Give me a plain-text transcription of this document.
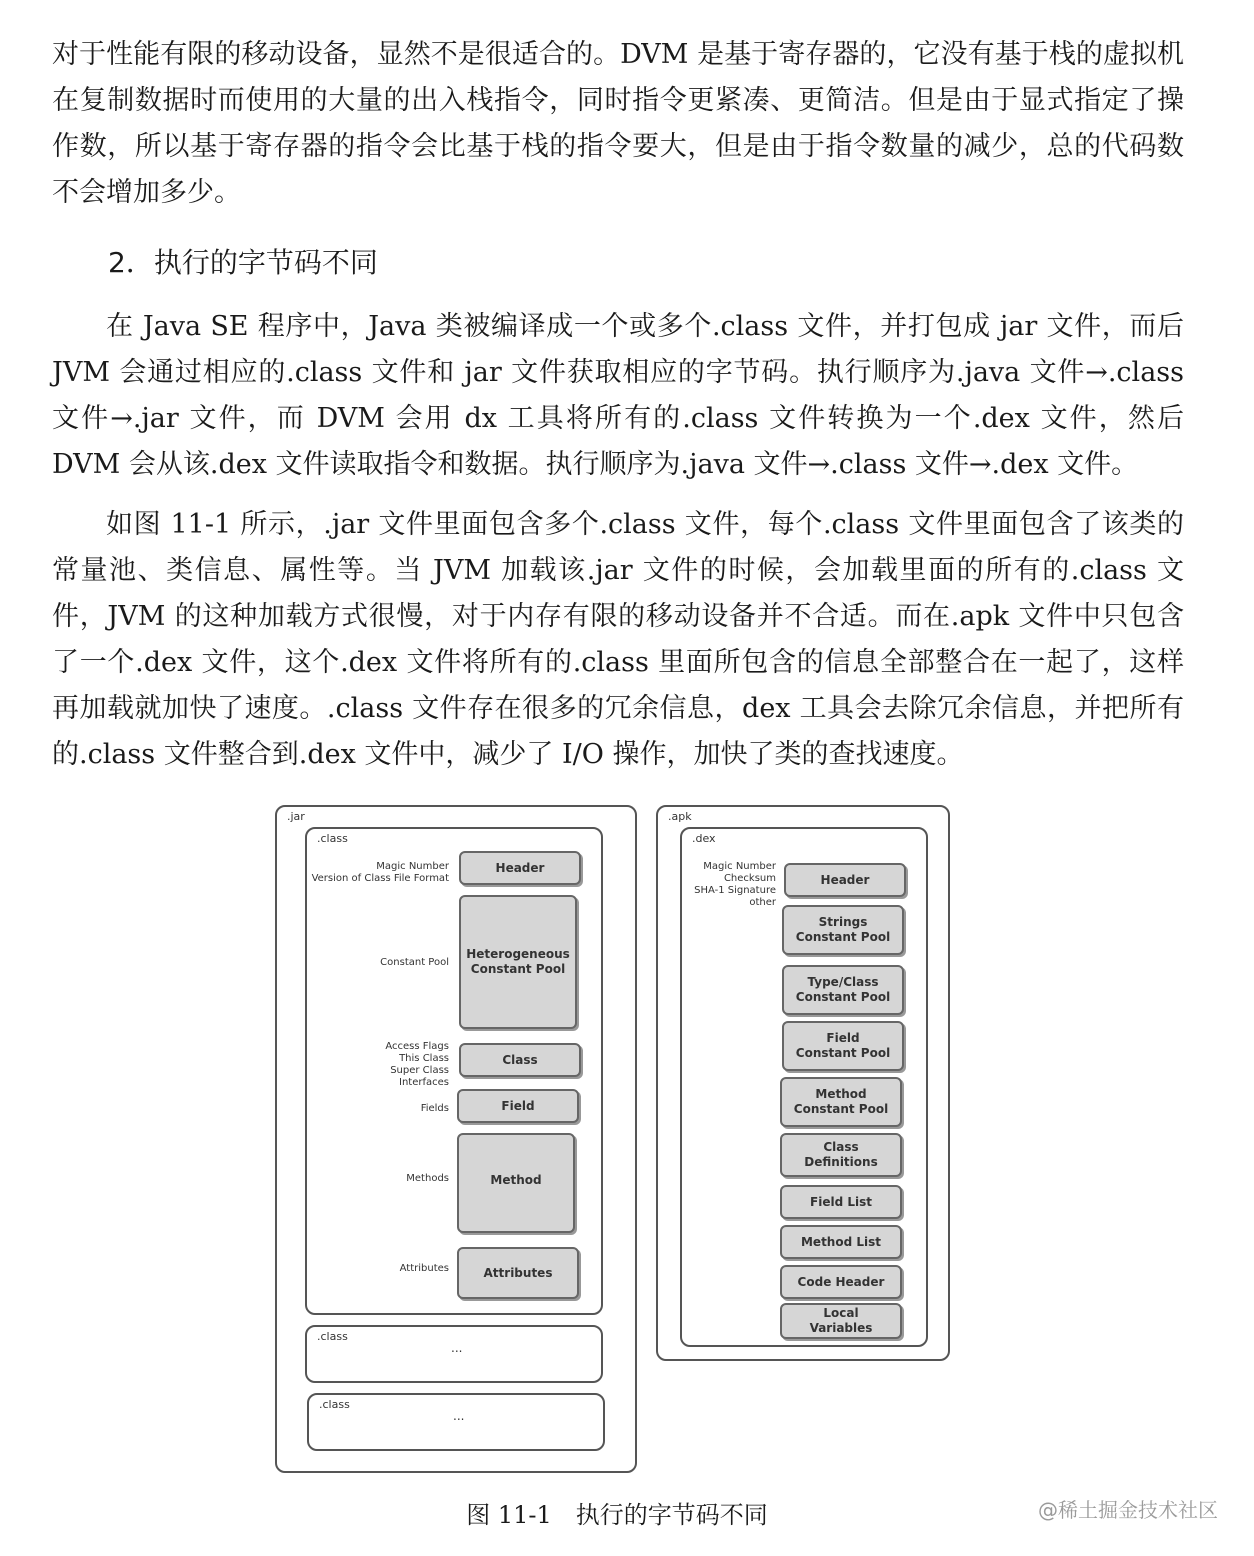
对于性能有限的移动设备，显然不是很适合的。DVM 是基于寄存器的，它没有基于栈的虚拟机在复制数据时而使用的大量的出入栈指令，同时指令更紧凑、更简洁。但是由于显式指定了操作数，所以基于寄存器的指令会比基于栈的指令要大，但是由于指令数量的减少，总的代码数不会增加多少。

2．执行的字节码不同

在 Java SE 程序中，Java 类被编译成一个或多个.class 文件，并打包成 jar 文件，而后 JVM 会通过相应的.class 文件和 jar 文件获取相应的字节码。执行顺序为.java 文件→.class 文件→.jar 文件，而 DVM 会用 dx 工具将所有的.class 文件转换为一个.dex 文件，然后 DVM 会从该.dex 文件读取指令和数据。执行顺序为.java 文件→.class 文件→.dex 文件。

如图 11-1 所示，.jar 文件里面包含多个.class 文件，每个.class 文件里面包含了该类的常量池、类信息、属性等。当 JVM 加载该.jar 文件的时候，会加载里面的所有的.class 文件，JVM 的这种加载方式很慢，对于内存有限的移动设备并不合适。而在.apk 文件中只包含了一个.dex 文件，这个.dex 文件将所有的.class 里面所包含的信息全部整合在一起了，这样再加载就加快了速度。.class 文件存在很多的冗余信息，dex 工具会去除冗余信息，并把所有的.class 文件整合到.dex 文件中，减少了 I/O 操作，加快了类的查找速度。

.jar
.class
Magic Number
Version of Class File Format
Constant Pool
Access Flags
This Class
Super Class
Interfaces
Fields
Methods
Attributes
Header
Heterogeneous
Constant Pool
Class
Field
Method
Attributes
.class
...
.class
...
.apk
.dex
Magic Number
Checksum
SHA-1 Signature
other
Header
Strings
Constant Pool
Type/Class
Constant Pool
Field
Constant Pool
Method
Constant Pool
Class
Definitions
Field List
Method List
Code Header
Local
Variables
图 11-1　执行的字节码不同	@稀土掘金技术社区
